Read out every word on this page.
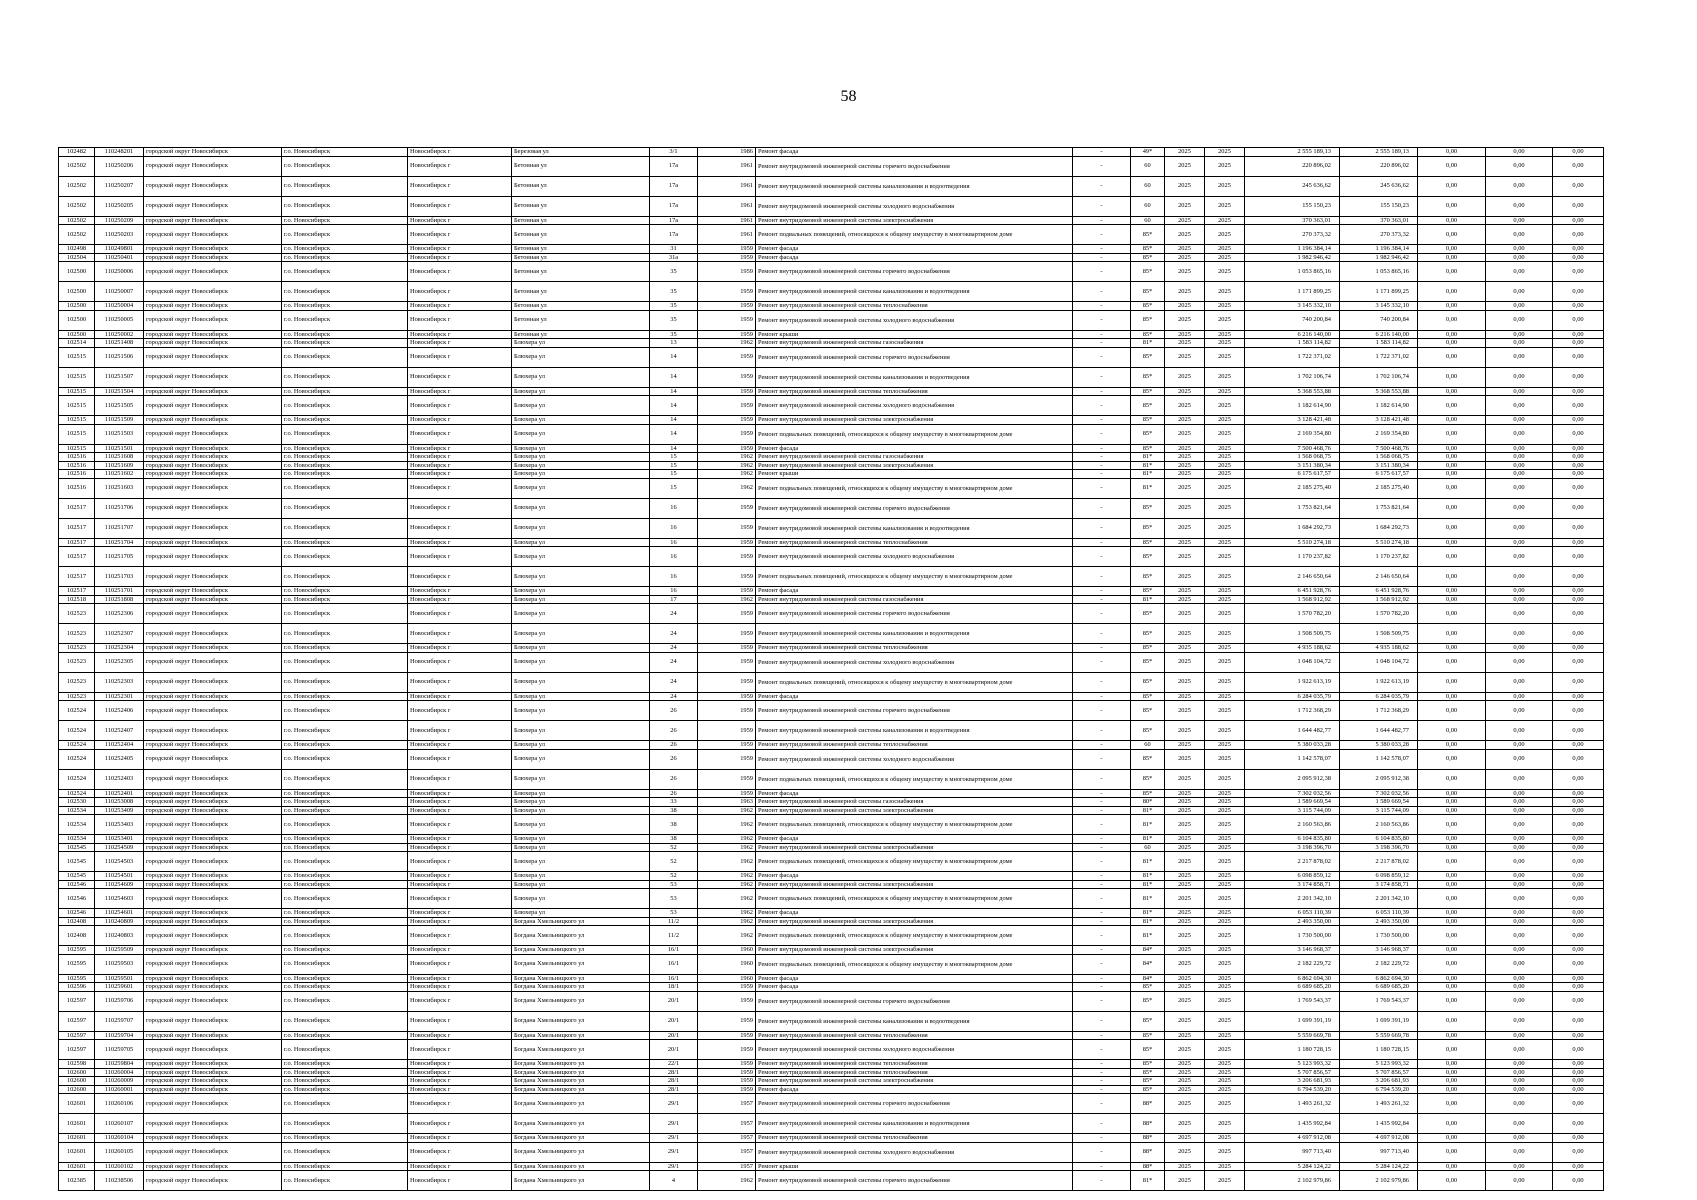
58
102482	110248201	городской округ Новосибирск	г.о. Новосибирск	Новосибирск г	Березовая ул	3/1	1986	Ремонт фасада	-	49*	2025	2025	2 555 189,13	2 555 189,13	0,00	0,00	0,00
102502	110250206	городской округ Новосибирск	г.о. Новосибирск	Новосибирск г	Бетонная ул	17а	1961	Ремонт внутридомовой инженерной системы горячего водоснабжения	-	60	2025	2025	220 896,02	220 896,02	0,00	0,00	0,00
102502	110250207	городской округ Новосибирск	г.о. Новосибирск	Новосибирск г	Бетонная ул	17а	1961	Ремонт внутридомовой инженерной системы канализования и водоотведения	-	60	2025	2025	245 636,62	245 636,62	0,00	0,00	0,00
102502	110250205	городской округ Новосибирск	г.о. Новосибирск	Новосибирск г	Бетонная ул	17а	1961	Ремонт внутридомовой инженерной системы холодного водоснабжения	-	60	2025	2025	155 150,23	155 150,23	0,00	0,00	0,00
102502	110250209	городской округ Новосибирск	г.о. Новосибирск	Новосибирск г	Бетонная ул	17а	1961	Ремонт внутридомовой инженерной системы электроснабжения	-	60	2025	2025	370 363,01	370 363,01	0,00	0,00	0,00
102502	110250203	городской округ Новосибирск	г.о. Новосибирск	Новосибирск г	Бетонная ул	17а	1961	Ремонт подвальных помещений, относящихся к общему имуществу в многоквартирном доме	-	85*	2025	2025	270 373,32	270 373,32	0,00	0,00	0,00
102498	110249801	городской округ Новосибирск	г.о. Новосибирск	Новосибирск г	Бетонная ул	31	1959	Ремонт фасада	-	85*	2025	2025	1 196 384,14	1 196 384,14	0,00	0,00	0,00
102504	110250401	городской округ Новосибирск	г.о. Новосибирск	Новосибирск г	Бетонная ул	31а	1959	Ремонт фасада	-	85*	2025	2025	1 982 946,42	1 982 946,42	0,00	0,00	0,00
102500	110250006	городской округ Новосибирск	г.о. Новосибирск	Новосибирск г	Бетонная ул	35	1959	Ремонт внутридомовой инженерной системы горячего водоснабжения	-	85*	2025	2025	1 053 865,16	1 053 865,16	0,00	0,00	0,00
102500	110250007	городской округ Новосибирск	г.о. Новосибирск	Новосибирск г	Бетонная ул	35	1959	Ремонт внутридомовой инженерной системы канализования и водоотведения	-	85*	2025	2025	1 171 899,25	1 171 899,25	0,00	0,00	0,00
102500	110250004	городской округ Новосибирск	г.о. Новосибирск	Новосибирск г	Бетонная ул	35	1959	Ремонт внутридомовой инженерной системы теплоснабжения	-	85*	2025	2025	3 145 332,10	3 145 332,10	0,00	0,00	0,00
102500	110250005	городской округ Новосибирск	г.о. Новосибирск	Новосибирск г	Бетонная ул	35	1959	Ремонт внутридомовой инженерной системы холодного водоснабжения	-	85*	2025	2025	740 200,84	740 200,84	0,00	0,00	0,00
102500	110250002	городской округ Новосибирск	г.о. Новосибирск	Новосибирск г	Бетонная ул	35	1959	Ремонт крыши	-	85*	2025	2025	6 216 140,00	6 216 140,00	0,00	0,00	0,00
102514	110251408	городской округ Новосибирск	г.о. Новосибирск	Новосибирск г	Блюхера ул	13	1962	Ремонт внутридомовой инженерной системы газоснабжения	-	81*	2025	2025	1 583 114,82	1 583 114,82	0,00	0,00	0,00
102515	110251506	городской округ Новосибирск	г.о. Новосибирск	Новосибирск г	Блюхера ул	14	1959	Ремонт внутридомовой инженерной системы горячего водоснабжения	-	85*	2025	2025	1 722 371,02	1 722 371,02	0,00	0,00	0,00
102515	110251507	городской округ Новосибирск	г.о. Новосибирск	Новосибирск г	Блюхера ул	14	1959	Ремонт внутридомовой инженерной системы канализования и водоотведения	-	85*	2025	2025	1 702 106,74	1 702 106,74	0,00	0,00	0,00
102515	110251504	городской округ Новосибирск	г.о. Новосибирск	Новосибирск г	Блюхера ул	14	1959	Ремонт внутридомовой инженерной системы теплоснабжения	-	85*	2025	2025	5 368 553,88	5 368 553,88	0,00	0,00	0,00
102515	110251505	городской округ Новосибирск	г.о. Новосибирск	Новосибирск г	Блюхера ул	14	1959	Ремонт внутридомовой инженерной системы холодного водоснабжения	-	85*	2025	2025	1 182 614,90	1 182 614,90	0,00	0,00	0,00
102515	110251509	городской округ Новосибирск	г.о. Новосибирск	Новосибирск г	Блюхера ул	14	1959	Ремонт внутридомовой инженерной системы электроснабжения	-	85*	2025	2025	3 128 421,48	3 128 421,48	0,00	0,00	0,00
102515	110251503	городской округ Новосибирск	г.о. Новосибирск	Новосибирск г	Блюхера ул	14	1959	Ремонт подвальных помещений, относящихся к общему имуществу в многоквартирном доме	-	85*	2025	2025	2 169 354,80	2 169 354,80	0,00	0,00	0,00
102515	110251501	городской округ Новосибирск	г.о. Новосибирск	Новосибирск г	Блюхера ул	14	1959	Ремонт фасада	-	85*	2025	2025	7 500 468,76	7 500 468,76	0,00	0,00	0,00
102516	110251608	городской округ Новосибирск	г.о. Новосибирск	Новосибирск г	Блюхера ул	15	1962	Ремонт внутридомовой инженерной системы газоснабжения	-	81*	2025	2025	1 568 068,75	1 568 068,75	0,00	0,00	0,00
102516	110251609	городской округ Новосибирск	г.о. Новосибирск	Новосибирск г	Блюхера ул	15	1962	Ремонт внутридомовой инженерной системы электроснабжения	-	81*	2025	2025	3 151 380,34	3 151 380,34	0,00	0,00	0,00
102516	110251602	городской округ Новосибирск	г.о. Новосибирск	Новосибирск г	Блюхера ул	15	1962	Ремонт крыши	-	81*	2025	2025	6 175 617,57	6 175 617,57	0,00	0,00	0,00
102516	110251603	городской округ Новосибирск	г.о. Новосибирск	Новосибирск г	Блюхера ул	15	1962	Ремонт подвальных помещений, относящихся к общему имуществу в многоквартирном доме	-	81*	2025	2025	2 185 275,40	2 185 275,40	0,00	0,00	0,00
102517	110251706	городской округ Новосибирск	г.о. Новосибирск	Новосибирск г	Блюхера ул	16	1959	Ремонт внутридомовой инженерной системы горячего водоснабжения	-	85*	2025	2025	1 753 821,64	1 753 821,64	0,00	0,00	0,00
102517	110251707	городской округ Новосибирск	г.о. Новосибирск	Новосибирск г	Блюхера ул	16	1959	Ремонт внутридомовой инженерной системы канализования и водоотведения	-	85*	2025	2025	1 684 292,73	1 684 292,73	0,00	0,00	0,00
102517	110251704	городской округ Новосибирск	г.о. Новосибирск	Новосибирск г	Блюхера ул	16	1959	Ремонт внутридомовой инженерной системы теплоснабжения	-	85*	2025	2025	5 510 274,18	5 510 274,18	0,00	0,00	0,00
102517	110251705	городской округ Новосибирск	г.о. Новосибирск	Новосибирск г	Блюхера ул	16	1959	Ремонт внутридомовой инженерной системы холодного водоснабжения	-	85*	2025	2025	1 170 237,82	1 170 237,82	0,00	0,00	0,00
102517	110251703	городской округ Новосибирск	г.о. Новосибирск	Новосибирск г	Блюхера ул	16	1959	Ремонт подвальных помещений, относящихся к общему имуществу в многоквартирном доме	-	85*	2025	2025	2 146 650,64	2 146 650,64	0,00	0,00	0,00
102517	110251701	городской округ Новосибирск	г.о. Новосибирск	Новосибирск г	Блюхера ул	16	1959	Ремонт фасада	-	85*	2025	2025	6 451 928,76	6 451 928,76	0,00	0,00	0,00
102518	110251808	городской округ Новосибирск	г.о. Новосибирск	Новосибирск г	Блюхера ул	17	1962	Ремонт внутридомовой инженерной системы газоснабжения	-	81*	2025	2025	1 568 912,92	1 568 912,92	0,00	0,00	0,00
102523	110252306	городской округ Новосибирск	г.о. Новосибирск	Новосибирск г	Блюхера ул	24	1959	Ремонт внутридомовой инженерной системы горячего водоснабжения	-	85*	2025	2025	1 570 782,20	1 570 782,20	0,00	0,00	0,00
102523	110252307	городской округ Новосибирск	г.о. Новосибирск	Новосибирск г	Блюхера ул	24	1959	Ремонт внутридомовой инженерной системы канализования и водоотведения	-	85*	2025	2025	1 508 509,75	1 508 509,75	0,00	0,00	0,00
102523	110252304	городской округ Новосибирск	г.о. Новосибирск	Новосибирск г	Блюхера ул	24	1959	Ремонт внутридомовой инженерной системы теплоснабжения	-	85*	2025	2025	4 935 188,62	4 935 188,62	0,00	0,00	0,00
102523	110252305	городской округ Новосибирск	г.о. Новосибирск	Новосибирск г	Блюхера ул	24	1959	Ремонт внутридомовой инженерной системы холодного водоснабжения	-	85*	2025	2025	1 048 104,72	1 048 104,72	0,00	0,00	0,00
102523	110252303	городской округ Новосибирск	г.о. Новосибирск	Новосибирск г	Блюхера ул	24	1959	Ремонт подвальных помещений, относящихся к общему имуществу в многоквартирном доме	-	85*	2025	2025	1 922 613,19	1 922 613,19	0,00	0,00	0,00
102523	110252301	городской округ Новосибирск	г.о. Новосибирск	Новосибирск г	Блюхера ул	24	1959	Ремонт фасада	-	85*	2025	2025	6 284 035,79	6 284 035,79	0,00	0,00	0,00
102524	110252406	городской округ Новосибирск	г.о. Новосибирск	Новосибирск г	Блюхера ул	26	1959	Ремонт внутридомовой инженерной системы горячего водоснабжения	-	85*	2025	2025	1 712 368,29	1 712 368,29	0,00	0,00	0,00
102524	110252407	городской округ Новосибирск	г.о. Новосибирск	Новосибирск г	Блюхера ул	26	1959	Ремонт внутридомовой инженерной системы канализования и водоотведения	-	85*	2025	2025	1 644 482,77	1 644 482,77	0,00	0,00	0,00
102524	110252404	городской округ Новосибирск	г.о. Новосибирск	Новосибирск г	Блюхера ул	26	1959	Ремонт внутридомовой инженерной системы теплоснабжения	-	60	2025	2025	5 380 033,28	5 380 033,28	0,00	0,00	0,00
102524	110252405	городской округ Новосибирск	г.о. Новосибирск	Новосибирск г	Блюхера ул	26	1959	Ремонт внутридомовой инженерной системы холодного водоснабжения	-	85*	2025	2025	1 142 578,07	1 142 578,07	0,00	0,00	0,00
102524	110252403	городской округ Новосибирск	г.о. Новосибирск	Новосибирск г	Блюхера ул	26	1959	Ремонт подвальных помещений, относящихся к общему имуществу в многоквартирном доме	-	85*	2025	2025	2 095 912,38	2 095 912,38	0,00	0,00	0,00
102524	110252401	городской округ Новосибирск	г.о. Новосибирск	Новосибирск г	Блюхера ул	26	1959	Ремонт фасада	-	85*	2025	2025	7 302 032,56	7 302 032,56	0,00	0,00	0,00
102530	110253008	городской округ Новосибирск	г.о. Новосибирск	Новосибирск г	Блюхера ул	33	1963	Ремонт внутридомовой инженерной системы газоснабжения	-	80*	2025	2025	1 589 669,54	1 589 669,54	0,00	0,00	0,00
102534	110253409	городской округ Новосибирск	г.о. Новосибирск	Новосибирск г	Блюхера ул	38	1962	Ремонт внутридомовой инженерной системы электроснабжения	-	81*	2025	2025	3 115 744,09	3 115 744,09	0,00	0,00	0,00
102534	110253403	городской округ Новосибирск	г.о. Новосибирск	Новосибирск г	Блюхера ул	38	1962	Ремонт подвальных помещений, относящихся к общему имуществу в многоквартирном доме	-	81*	2025	2025	2 160 563,86	2 160 563,86	0,00	0,00	0,00
102534	110253401	городской округ Новосибирск	г.о. Новосибирск	Новосибирск г	Блюхера ул	38	1962	Ремонт фасада	-	81*	2025	2025	6 104 835,80	6 104 835,80	0,00	0,00	0,00
102545	110254509	городской округ Новосибирск	г.о. Новосибирск	Новосибирск г	Блюхера ул	52	1962	Ремонт внутридомовой инженерной системы электроснабжения	-	60	2025	2025	3 198 396,70	3 198 396,70	0,00	0,00	0,00
102545	110254503	городской округ Новосибирск	г.о. Новосибирск	Новосибирск г	Блюхера ул	52	1962	Ремонт подвальных помещений, относящихся к общему имуществу в многоквартирном доме	-	81*	2025	2025	2 217 878,02	2 217 878,02	0,00	0,00	0,00
102545	110254501	городской округ Новосибирск	г.о. Новосибирск	Новосибирск г	Блюхера ул	52	1962	Ремонт фасада	-	81*	2025	2025	6 098 859,12	6 098 859,12	0,00	0,00	0,00
102546	110254609	городской округ Новосибирск	г.о. Новосибирск	Новосибирск г	Блюхера ул	53	1962	Ремонт внутридомовой инженерной системы электроснабжения	-	81*	2025	2025	3 174 858,71	3 174 858,71	0,00	0,00	0,00
102546	110254603	городской округ Новосибирск	г.о. Новосибирск	Новосибирск г	Блюхера ул	53	1962	Ремонт подвальных помещений, относящихся к общему имуществу в многоквартирном доме	-	81*	2025	2025	2 201 342,10	2 201 342,10	0,00	0,00	0,00
102546	110254601	городской округ Новосибирск	г.о. Новосибирск	Новосибирск г	Блюхера ул	53	1962	Ремонт фасада	-	81*	2025	2025	6 053 110,39	6 053 110,39	0,00	0,00	0,00
102408	110240809	городской округ Новосибирск	г.о. Новосибирск	Новосибирск г	Богдана Хмельницкого ул	11/2	1962	Ремонт внутридомовой инженерной системы электроснабжения	-	81*	2025	2025	2 493 350,00	2 493 350,00	0,00	0,00	0,00
102408	110240803	городской округ Новосибирск	г.о. Новосибирск	Новосибирск г	Богдана Хмельницкого ул	11/2	1962	Ремонт подвальных помещений, относящихся к общему имуществу в многоквартирном доме	-	81*	2025	2025	1 730 500,00	1 730 500,00	0,00	0,00	0,00
102595	110259509	городской округ Новосибирск	г.о. Новосибирск	Новосибирск г	Богдана Хмельницкого ул	16/1	1960	Ремонт внутридомовой инженерной системы электроснабжения	-	84*	2025	2025	3 146 968,37	3 146 968,37	0,00	0,00	0,00
102595	110259503	городской округ Новосибирск	г.о. Новосибирск	Новосибирск г	Богдана Хмельницкого ул	16/1	1960	Ремонт подвальных помещений, относящихся к общему имуществу в многоквартирном доме	-	84*	2025	2025	2 182 229,72	2 182 229,72	0,00	0,00	0,00
102595	110259501	городской округ Новосибирск	г.о. Новосибирск	Новосибирск г	Богдана Хмельницкого ул	16/1	1960	Ремонт фасада	-	84*	2025	2025	6 862 694,30	6 862 694,30	0,00	0,00	0,00
102596	110259601	городской округ Новосибирск	г.о. Новосибирск	Новосибирск г	Богдана Хмельницкого ул	18/1	1959	Ремонт фасада	-	85*	2025	2025	6 689 685,20	6 689 685,20	0,00	0,00	0,00
102597	110259706	городской округ Новосибирск	г.о. Новосибирск	Новосибирск г	Богдана Хмельницкого ул	20/1	1959	Ремонт внутридомовой инженерной системы горячего водоснабжения	-	85*	2025	2025	1 769 543,37	1 769 543,37	0,00	0,00	0,00
102597	110259707	городской округ Новосибирск	г.о. Новосибирск	Новосибирск г	Богдана Хмельницкого ул	20/1	1959	Ремонт внутридомовой инженерной системы канализования и водоотведения	-	85*	2025	2025	1 699 391,19	1 699 391,19	0,00	0,00	0,00
102597	110259704	городской округ Новосибирск	г.о. Новосибирск	Новосибирск г	Богдана Хмельницкого ул	20/1	1959	Ремонт внутридомовой инженерной системы теплоснабжения	-	85*	2025	2025	5 559 669,78	5 559 669,78	0,00	0,00	0,00
102597	110259705	городской округ Новосибирск	г.о. Новосибирск	Новосибирск г	Богдана Хмельницкого ул	20/1	1959	Ремонт внутридомовой инженерной системы холодного водоснабжения	-	85*	2025	2025	1 180 728,15	1 180 728,15	0,00	0,00	0,00
102598	110259804	городской округ Новосибирск	г.о. Новосибирск	Новосибирск г	Богдана Хмельницкого ул	22/1	1959	Ремонт внутридомовой инженерной системы теплоснабжения	-	85*	2025	2025	5 123 993,32	5 123 993,32	0,00	0,00	0,00
102600	110260004	городской округ Новосибирск	г.о. Новосибирск	Новосибирск г	Богдана Хмельницкого ул	28/1	1959	Ремонт внутридомовой инженерной системы теплоснабжения	-	85*	2025	2025	5 707 856,57	5 707 856,57	0,00	0,00	0,00
102600	110260009	городской округ Новосибирск	г.о. Новосибирск	Новосибирск г	Богдана Хмельницкого ул	28/1	1959	Ремонт внутридомовой инженерной системы электроснабжения	-	85*	2025	2025	3 206 681,93	3 206 681,93	0,00	0,00	0,00
102600	110260001	городской округ Новосибирск	г.о. Новосибирск	Новосибирск г	Богдана Хмельницкого ул	28/1	1959	Ремонт фасада	-	85*	2025	2025	6 794 539,20	6 794 539,20	0,00	0,00	0,00
102601	110260106	городской округ Новосибирск	г.о. Новосибирск	Новосибирск г	Богдана Хмельницкого ул	29/1	1957	Ремонт внутридомовой инженерной системы горячего водоснабжения	-	88*	2025	2025	1 493 261,32	1 493 261,32	0,00	0,00	0,00
102601	110260107	городской округ Новосибирск	г.о. Новосибирск	Новосибирск г	Богдана Хмельницкого ул	29/1	1957	Ремонт внутридомовой инженерной системы канализования и водоотведения	-	88*	2025	2025	1 435 992,84	1 435 992,84	0,00	0,00	0,00
102601	110260104	городской округ Новосибирск	г.о. Новосибирск	Новосибирск г	Богдана Хмельницкого ул	29/1	1957	Ремонт внутридомовой инженерной системы теплоснабжения	-	88*	2025	2025	4 697 912,08	4 697 912,08	0,00	0,00	0,00
102601	110260105	городской округ Новосибирск	г.о. Новосибирск	Новосибирск г	Богдана Хмельницкого ул	29/1	1957	Ремонт внутридомовой инженерной системы холодного водоснабжения	-	88*	2025	2025	997 713,40	997 713,40	0,00	0,00	0,00
102601	110260102	городской округ Новосибирск	г.о. Новосибирск	Новосибирск г	Богдана Хмельницкого ул	29/1	1957	Ремонт крыши	-	88*	2025	2025	5 284 124,22	5 284 124,22	0,00	0,00	0,00
102385	110238506	городской округ Новосибирск	г.о. Новосибирск	Новосибирск г	Богдана Хмельницкого ул	4	1962	Ремонт внутридомовой инженерной системы горячего водоснабжения	-	81*	2025	2025	2 102 979,86	2 102 979,86	0,00	0,00	0,00
